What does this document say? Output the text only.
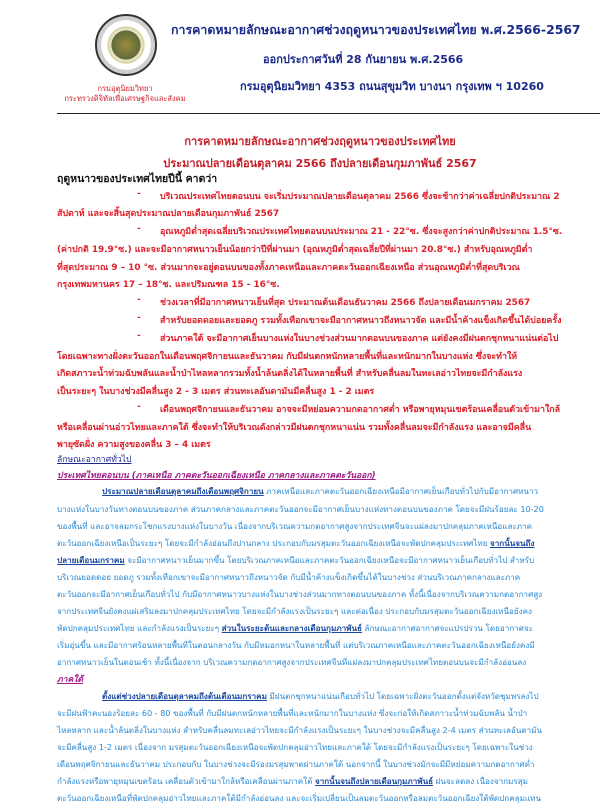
กรมอุตุนิยมวิทยา
กระทรวงดิจิทัลเพื่อเศรษฐกิจและสังคม
การคาดหมายลักษณะอากาศช่วงฤดูหนาวของประเทศไทย พ.ศ.2566-2567
ออกประกาศวันที่ 28 กันยายน พ.ศ.2566
กรมอุตุนิยมวิทยา 4353 ถนนสุขุมวิท บางนา กรุงเทพ ฯ 10260
การคาดหมายลักษณะอากาศช่วงฤดูหนาวของประเทศไทย
ประมาณปลายเดือนตุลาคม 2566 ถึงปลายเดือนกุมภาพันธ์ 2567
ฤดูหนาวของประเทศไทยปีนี้ คาดว่า
- บริเวณประเทศไทยตอนบน จะเริ่มประมาณปลายเดือนตุลาคม 2566 ซึ่งจะช้ากว่าค่าเฉลี่ยปกติประมาณ 2
สัปดาห์ และจะสิ้นสุดประมาณปลายเดือนกุมภาพันธ์ 2567
- อุณหภูมิต่ำสุดเฉลี่ยบริเวณประเทศไทยตอนบนประมาณ 21 - 22°ซ. ซึ่งจะสูงกว่าค่าปกติประมาณ 1.5°ซ.
(ค่าปกติ 19.9°ซ.) และจะมีอากาศหนาวเย็นน้อยกว่าปีที่ผ่านมา (อุณหภูมิต่ำสุดเฉลี่ยปีที่ผ่านมา 20.8°ซ.) สำหรับอุณหภูมิต่ำ
ที่สุดประมาณ 9 – 10 °ซ. ส่วนมากจะอยู่ตอนบนของทั้งภาคเหนือและภาคตะวันออกเฉียงเหนือ ส่วนอุณหภูมิต่ำที่สุดบริเวณ
กรุงเทพมหานคร 17 – 18°ซ. และปริมณฑล 15 - 16°ซ.
- ช่วงเวลาที่มีอากาศหนาวเย็นที่สุด ประมาณต้นเดือนธันวาคม 2566 ถึงปลายเดือนมกราคม 2567
- สำหรับยอดดอยและยอดภู รวมทั้งเทือกเขาจะมีอากาศหนาวถึงหนาวจัด และมีน้ำค้างแข็งเกิดขึ้นได้บ่อยครั้ง
- ส่วนภาคใต้ จะมีอากาศเย็นบางแห่งในบางช่วงส่วนมากตอนบนของภาค แต่ยังคงมีฝนตกชุกหนาแน่นต่อไป
โดยเฉพาะทางฝั่งตะวันออกในเดือนพฤศจิกายนและธันวาคม กับมีฝนตกหนักหลายพื้นที่และหนักมากในบางแห่ง ซึ่งจะทำให้
เกิดสภาวะน้ำท่วมฉับพลันและน้ำป่าไหลหลากรวมทั้งน้ำล้นตลิ่งได้ในหลายพื้นที่ สำหรับคลื่นลมในทะเลอ่าวไทยจะมีกำลังแรง
เป็นระยะๆ ในบางช่วงมีคลื่นสูง 2 - 3 เมตร ส่วนทะเลอันดามันมีคลื่นสูง 1 - 2 เมตร
- เดือนพฤศจิกายนและธันวาคม อาจจะมีหย่อมความกดอากาศต่ำ หรือพายุหมุนเขตร้อนเคลื่อนตัวเข้ามาใกล้
หรือเคลื่อนผ่านอ่าวไทยและภาคใต้ ซึ่งจะทำให้บริเวณดังกล่าวมีฝนตกชุกหนาแน่น รวมทั้งคลื่นลมจะมีกำลังแรง และอาจมีคลื่น
พายุซัดฝั่ง ความสูงของคลื่น 3 – 4 เมตร
ลักษณะอากาศทั่วไป
ประเทศไทยตอนบน (ภาคเหนือ ภาคตะวันออกเฉียงเหนือ ภาคกลางและภาคตะวันออก)
ประมาณปลายเดือนตุลาคมถึงเดือนพฤศจิกายน ภาคเหนือและภาคตะวันออกเฉียงเหนือมีอากาศเย็นเกือบทั่วไปกับมีอากาศหนาว
บางแห่งในบางวันทางตอนบนของภาค ส่วนภาคกลางและภาคตะวันออกจะมีอากาศเย็นบางแห่งทางตอนบนของภาค โดยจะมีฝนร้อยละ 10-20
ของพื้นที่ และอาจลมกระโชกแรงบางแห่งในบางวัน เนื่องจากบริเวณความกดอากาศสูงจากประเทศจีนจะแผ่ลงมาปกคลุมภาคเหนือและภาค
ตะวันออกเฉียงเหนือเป็นระยะๆ โดยจะมีกำลังอ่อนถึงปานกลาง ประกอบกับมรสุมตะวันออกเฉียงเหนือจะพัดปกคลุมประเทศไทย จากนั้นจนถึง
ปลายเดือนมกราคม จะมีอากาศหนาวเย็นมากขึ้น โดยบริเวณภาคเหนือและภาคตะวันออกเฉียงเหนือจะมีอากาศหนาวเย็นเกือบทั่วไป สำหรับ
บริเวณยอดดอย ยอดภู รวมทั้งเทือกเขาจะมีอากาศหนาวถึงหนาวจัด กับมีน้ำค้างแข็งเกิดขึ้นได้ในบางช่วง ส่วนบริเวณภาคกลางและภาค
ตะวันออกจะมีอากาศเย็นเกือบทั่วไป กับมีอากาศหนาวบางแห่งในบางช่วงส่วนมากทางตอนบนของภาค ทั้งนี้เนื่องจากบริเวณความกดอากาศสูง
จากประเทศจีนยังคงแผ่เสริมลงมาปกคลุมประเทศไทย โดยจะมีกำลังแรงเป็นระยะๆ และต่อเนื่อง ประกอบกับมรสุมตะวันออกเฉียงเหนือยังคง
พัดปกคลุมประเทศไทย และกำลังแรงเป็นระยะๆ ส่วนในระยะต้นและกลางเดือนกุมภาพันธ์ ลักษณะอากาศอากาศจะแปรปรวน โดยอากาศจะ
เริ่มอุ่นขึ้น และมีอากาศร้อนหลายพื้นที่ในตอนกลางวัน กับมีหมอกหนาในหลายพื้นที่ แต่บริเวณภาคเหนือและภาคตะวันออกเฉียงเหนือยังคงมี
อากาศหนาวเย็นในตอนเช้า ทั้งนี้เนื่องจาก บริเวณความกดอากาศสูงจากประเทศจีนที่แผ่ลงมาปกคลุมประเทศไทยตอนบนจะมีกำลังอ่อนลง
ภาคใต้
ตั้งแต่ช่วงปลายเดือนตุลาคมถึงต้นเดือนมกราคม มีฝนตกชุกหนาแน่นเกือบทั่วไป โดยเฉพาะฝั่งตะวันออกตั้งแต่จังหวัดชุมพรลงไป
จะมีฝนฟ้าคะนองร้อยละ 60 - 80 ของพื้นที่ กับมีฝนตกหนักหลายพื้นที่และหนักมากในบางแห่ง ซึ่งจะก่อให้เกิดสภาวะน้ำท่วมฉับพลัน น้ำป่า
ไหลหลาก และน้ำล้นตลิ่งในบางแห่ง สำหรับคลื่นลมทะเลอ่าวไทยจะมีกำลังแรงเป็นระยะๆ ในบางช่วงจะมีคลื่นสูง 2-4 เมตร ส่วนทะเลอันดามัน
จะมีคลื่นสูง 1-2 เมตร เนื่องจาก มรสุมตะวันออกเฉียงเหนือจะพัดปกคลุมอ่าวไทยและภาคใต้ โดยจะมีกำลังแรงเป็นระยะๆ โดยเฉพาะในช่วง
เดือนพฤศจิกายนและธันวาคม ประกอบกับ ในบางช่วงจะมีร่องมรสุมพาดผ่านภาคใต้ นอกจากนี้ ในบางช่วงมักจะมีมีหย่อมความกดอากาศต่ำ
กำลังแรงหรือพายุหมุนเขตร้อน เคลื่อนตัวเข้ามาใกล้หรือเคลื่อนผ่านภาคใต้ จากนั้นจนถึงปลายเดือนกุมภาพันธ์ ฝนจะลดลง เนื่องจากมรสุม
ตะวันออกเฉียงเหนือที่พัดปกคลุมอ่าวไทยและภาคใต้มีกำลังอ่อนลง และจะเริ่มเปลี่ยนเป็นลมตะวันออกหรือลมตะวันออกเฉียงใต้พัดปกคลุมแทน
